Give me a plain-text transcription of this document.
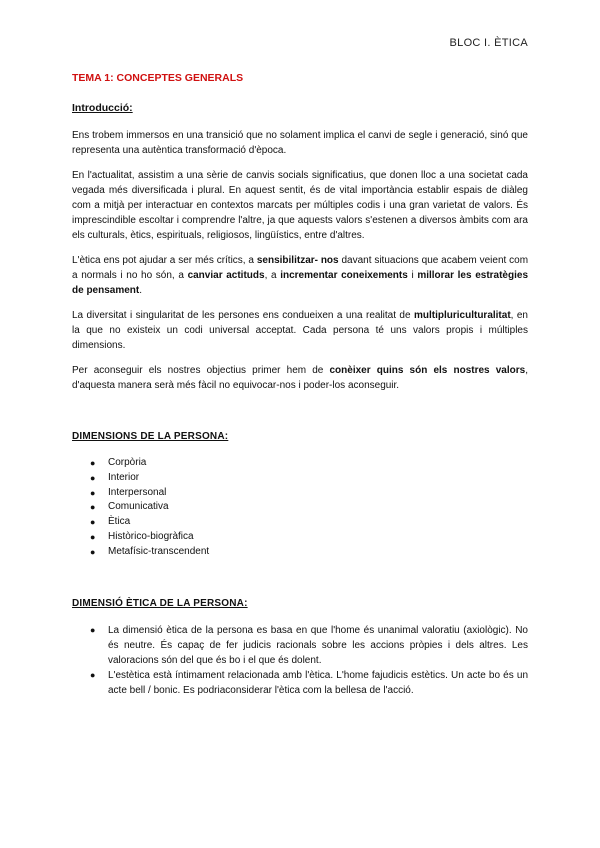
BLOC I. ÈTICA
TEMA 1: CONCEPTES GENERALS
Introducció:

Ens trobem immersos en una transició que no solament implica el canvi de segle i generació, sinó que representa una autèntica transformació d'època.

En l'actualitat, assistim a una sèrie de canvis socials significatius, que donen lloc a una societat cada vegada més diversificada i plural. En aquest sentit, és de vital importància establir espais de diàleg com a mitjà per interactuar en contextos marcats per múltiples codis i una gran varietat de valors. És imprescindible escoltar i comprendre l'altre, ja que aquests valors s'estenen a diversos àmbits com ara els culturals, ètics, espirituals, religiosos, lingüístics, entre d'altres.

L'ètica ens pot ajudar a ser més crítics, a sensibilitzar- nos davant situacions que acabem veient com a normals i no ho són, a canviar actituds, a incrementar coneixements i millorar les estratègies de pensament.

La diversitat i singularitat de les persones ens condueixen a una realitat de multipluriculturalitat, en la que no existeix un codi universal acceptat. Cada persona té uns valors propis i múltiples dimensions.

Per aconseguir els nostres objectius primer hem de conèixer quins són els nostres valors, d'aquesta manera serà més fàcil no equivocar-nos i poder-los aconseguir.

DIMENSIONS DE LA PERSONA:
● Corpòria
● Interior
● Interpersonal
● Comunicativa
● Ètica
● Històrico-biogràfica
● Metafísic-transcendent
DIMENSIÓ ÈTICA DE LA PERSONA:
● La dimensió ètica de la persona es basa en que l'home és unanimal valoratiu (axiològic). No és neutre. És capaç de fer judicis racionals sobre les accions pròpies i dels altres. Les valoracions són del que és bo i el que és dolent.
● L'estètica està íntimament relacionada amb l'ètica. L'home fajudicis estètics. Un acte bo és un acte bell / bonic. Es podriaconsiderar l'ètica com la bellesa de l'acció.
